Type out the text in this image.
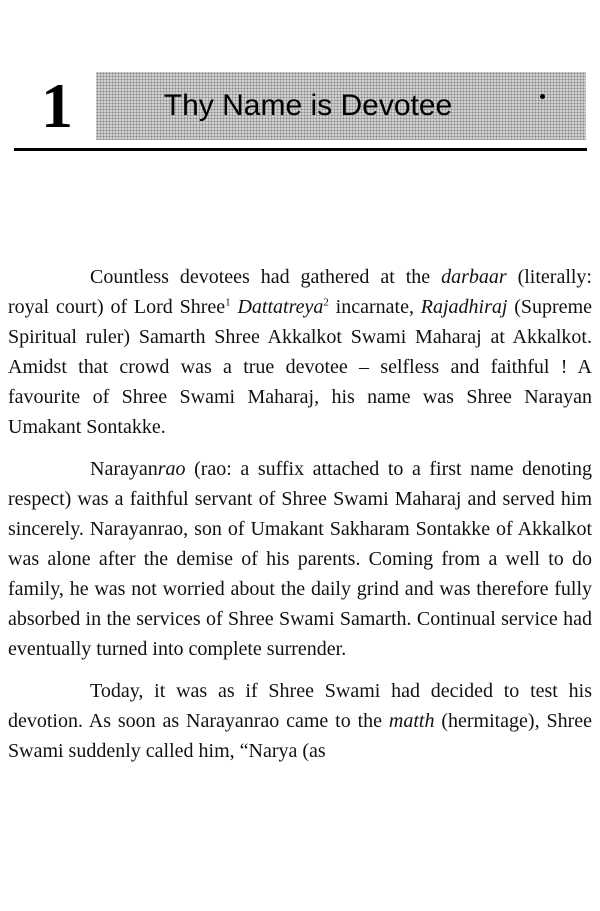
1	Thy Name is Devotee

Countless devotees had gathered at the darbaar (literally: royal court) of Lord Shree$^1$ Dattatreya$^2$ incarnate, Rajadhiraj (Supreme Spiritual ruler) Samarth Shree Akkalkot Swami Maharaj at Akkalkot. Amidst that crowd was a true devotee – selfless and faithful ! A favourite of Shree Swami Maharaj, his name was Shree Narayan Umakant Sontakke.

Narayanrao (rao: a suffix attached to a first name denoting respect) was a faithful servant of Shree Swami Maharaj and served him sincerely. Narayanrao, son of Umakant Sakharam Sontakke of Akkalkot was alone after the demise of his parents. Coming from a well to do family, he was not worried about the daily grind and was therefore fully absorbed in the services of Shree Swami Samarth. Continual service had eventually turned into complete surrender.

Today, it was as if Shree Swami had decided to test his devotion. As soon as Narayanrao came to the matth (hermitage), Shree Swami suddenly called him, “Narya (as
